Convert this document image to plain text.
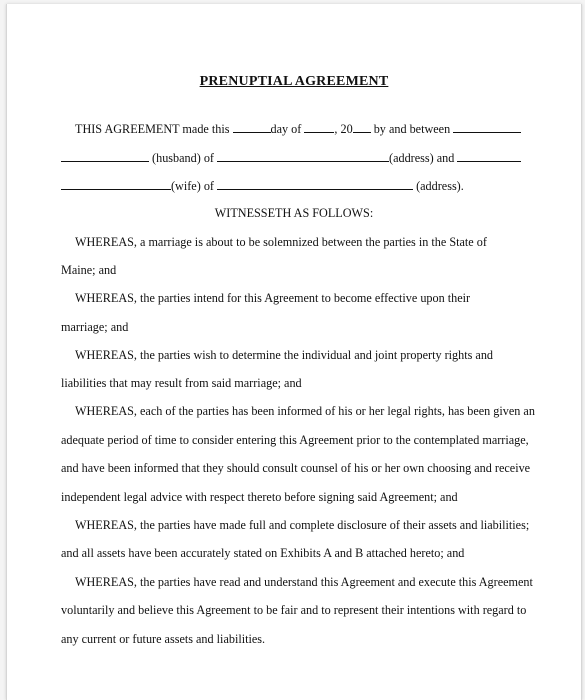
PRENUPTIAL AGREEMENT
THIS AGREEMENT made this	day of	, 20 by and between
(husband) of	(address) and
(wife) of	(address).
WITNESSETH AS FOLLOWS:
WHEREAS, a marriage is about to be solemnized between the parties in the State of
Maine; and
WHEREAS, the parties intend for this Agreement to become effective upon their
marriage; and
WHEREAS, the parties wish to determine the individual and joint property rights and
liabilities that may result from said marriage; and
WHEREAS, each of the parties has been informed of his or her legal rights, has been given an
adequate period of time to consider entering this Agreement prior to the contemplated marriage,
and have been informed that they should consult counsel of his or her own choosing and receive
independent legal advice with respect thereto before signing said Agreement; and
WHEREAS, the parties have made full and complete disclosure of their assets and liabilities;
and all assets have been accurately stated on Exhibits A and B attached hereto; and
WHEREAS, the parties have read and understand this Agreement and execute this Agreement
voluntarily and believe this Agreement to be fair and to represent their intentions with regard to
any current or future assets and liabilities.
